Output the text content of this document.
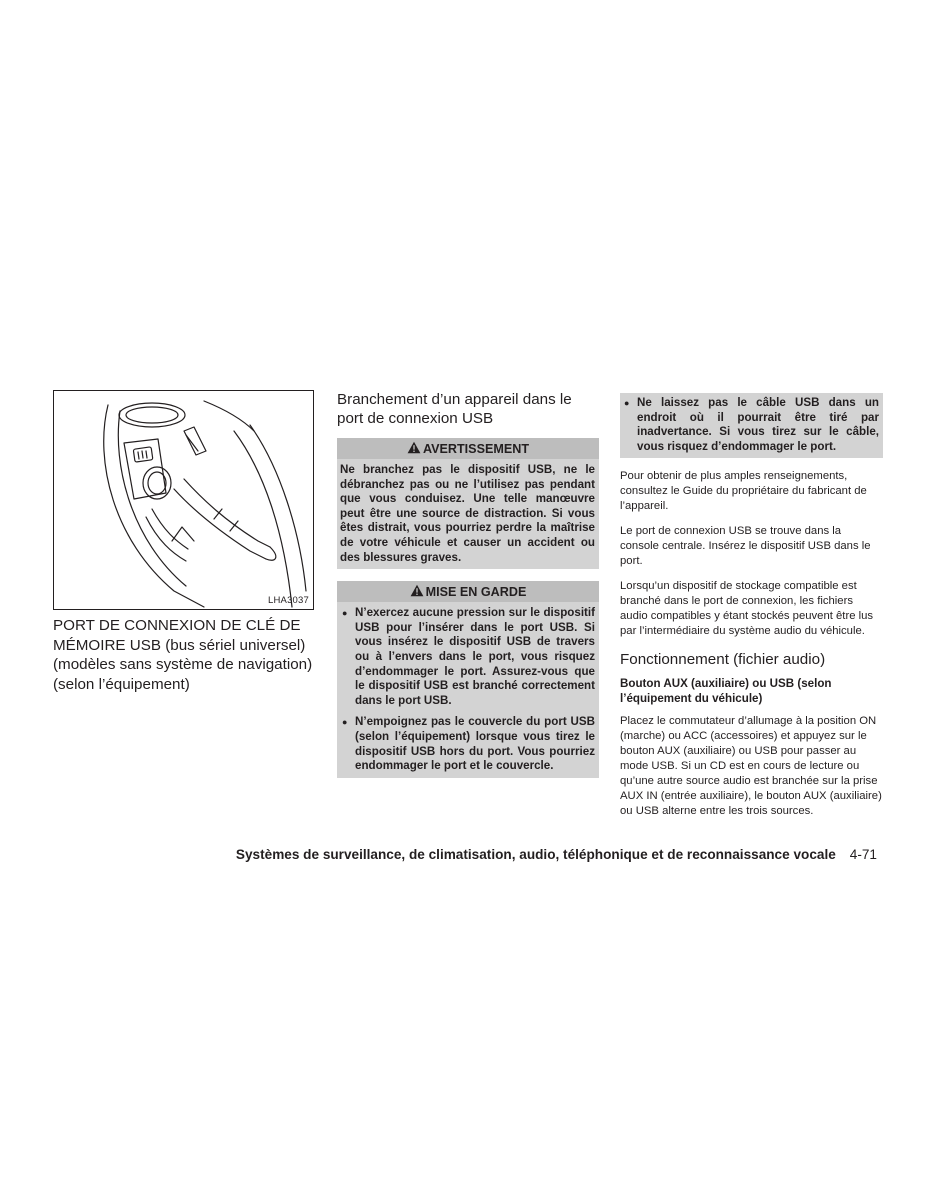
LHA3037
PORT DE CONNEXION DE CLÉ DE MÉMOIRE USB (bus sériel universel) (modèles sans système de navigation) (selon l’équipement)
Branchement d’un appareil dans le port de connexion USB
AVERTISSEMENT
Ne branchez pas le dispositif USB, ne le débranchez pas ou ne l’utilisez pas pendant que vous conduisez. Une telle manœuvre peut être une source de distraction. Si vous êtes distrait, vous pourriez perdre la maîtrise de votre véhicule et causer un accident ou des blessures graves.
MISE EN GARDE
● N’exercez aucune pression sur le dispositif USB pour l’insérer dans le port USB. Si vous insérez le dispositif USB de travers ou à l’envers dans le port, vous risquez d’endommager le port. Assurez-vous que le dispositif USB est branché correctement dans le port USB.
● N’empoignez pas le couvercle du port USB (selon l’équipement) lorsque vous tirez le dispositif USB hors du port. Vous pourriez endommager le port et le couvercle.
● Ne laissez pas le câble USB dans un endroit où il pourrait être tiré par inadvertance. Si vous tirez sur le câble, vous risquez d’endommager le port.

Pour obtenir de plus amples renseignements, consultez le Guide du propriétaire du fabricant de l’appareil.

Le port de connexion USB se trouve dans la console centrale. Insérez le dispositif USB dans le port.

Lorsqu’un dispositif de stockage compatible est branché dans le port de connexion, les fichiers audio compatibles y étant stockés peuvent être lus par l’intermédiaire du système audio du véhicule.

Fonctionnement (fichier audio)
Bouton AUX (auxiliaire) ou USB (selon l’équipement du véhicule)

Placez le commutateur d’allumage à la position ON (marche) ou ACC (accessoires) et appuyez sur le bouton AUX (auxiliaire) ou USB pour passer au mode USB. Si un CD est en cours de lecture ou qu’une autre source audio est branchée sur la prise AUX IN (entrée auxiliaire), le bouton AUX (auxiliaire) ou USB alterne entre les trois sources.

Systèmes de surveillance, de climatisation, audio, téléphonique et de reconnaissance vocale 4-71
